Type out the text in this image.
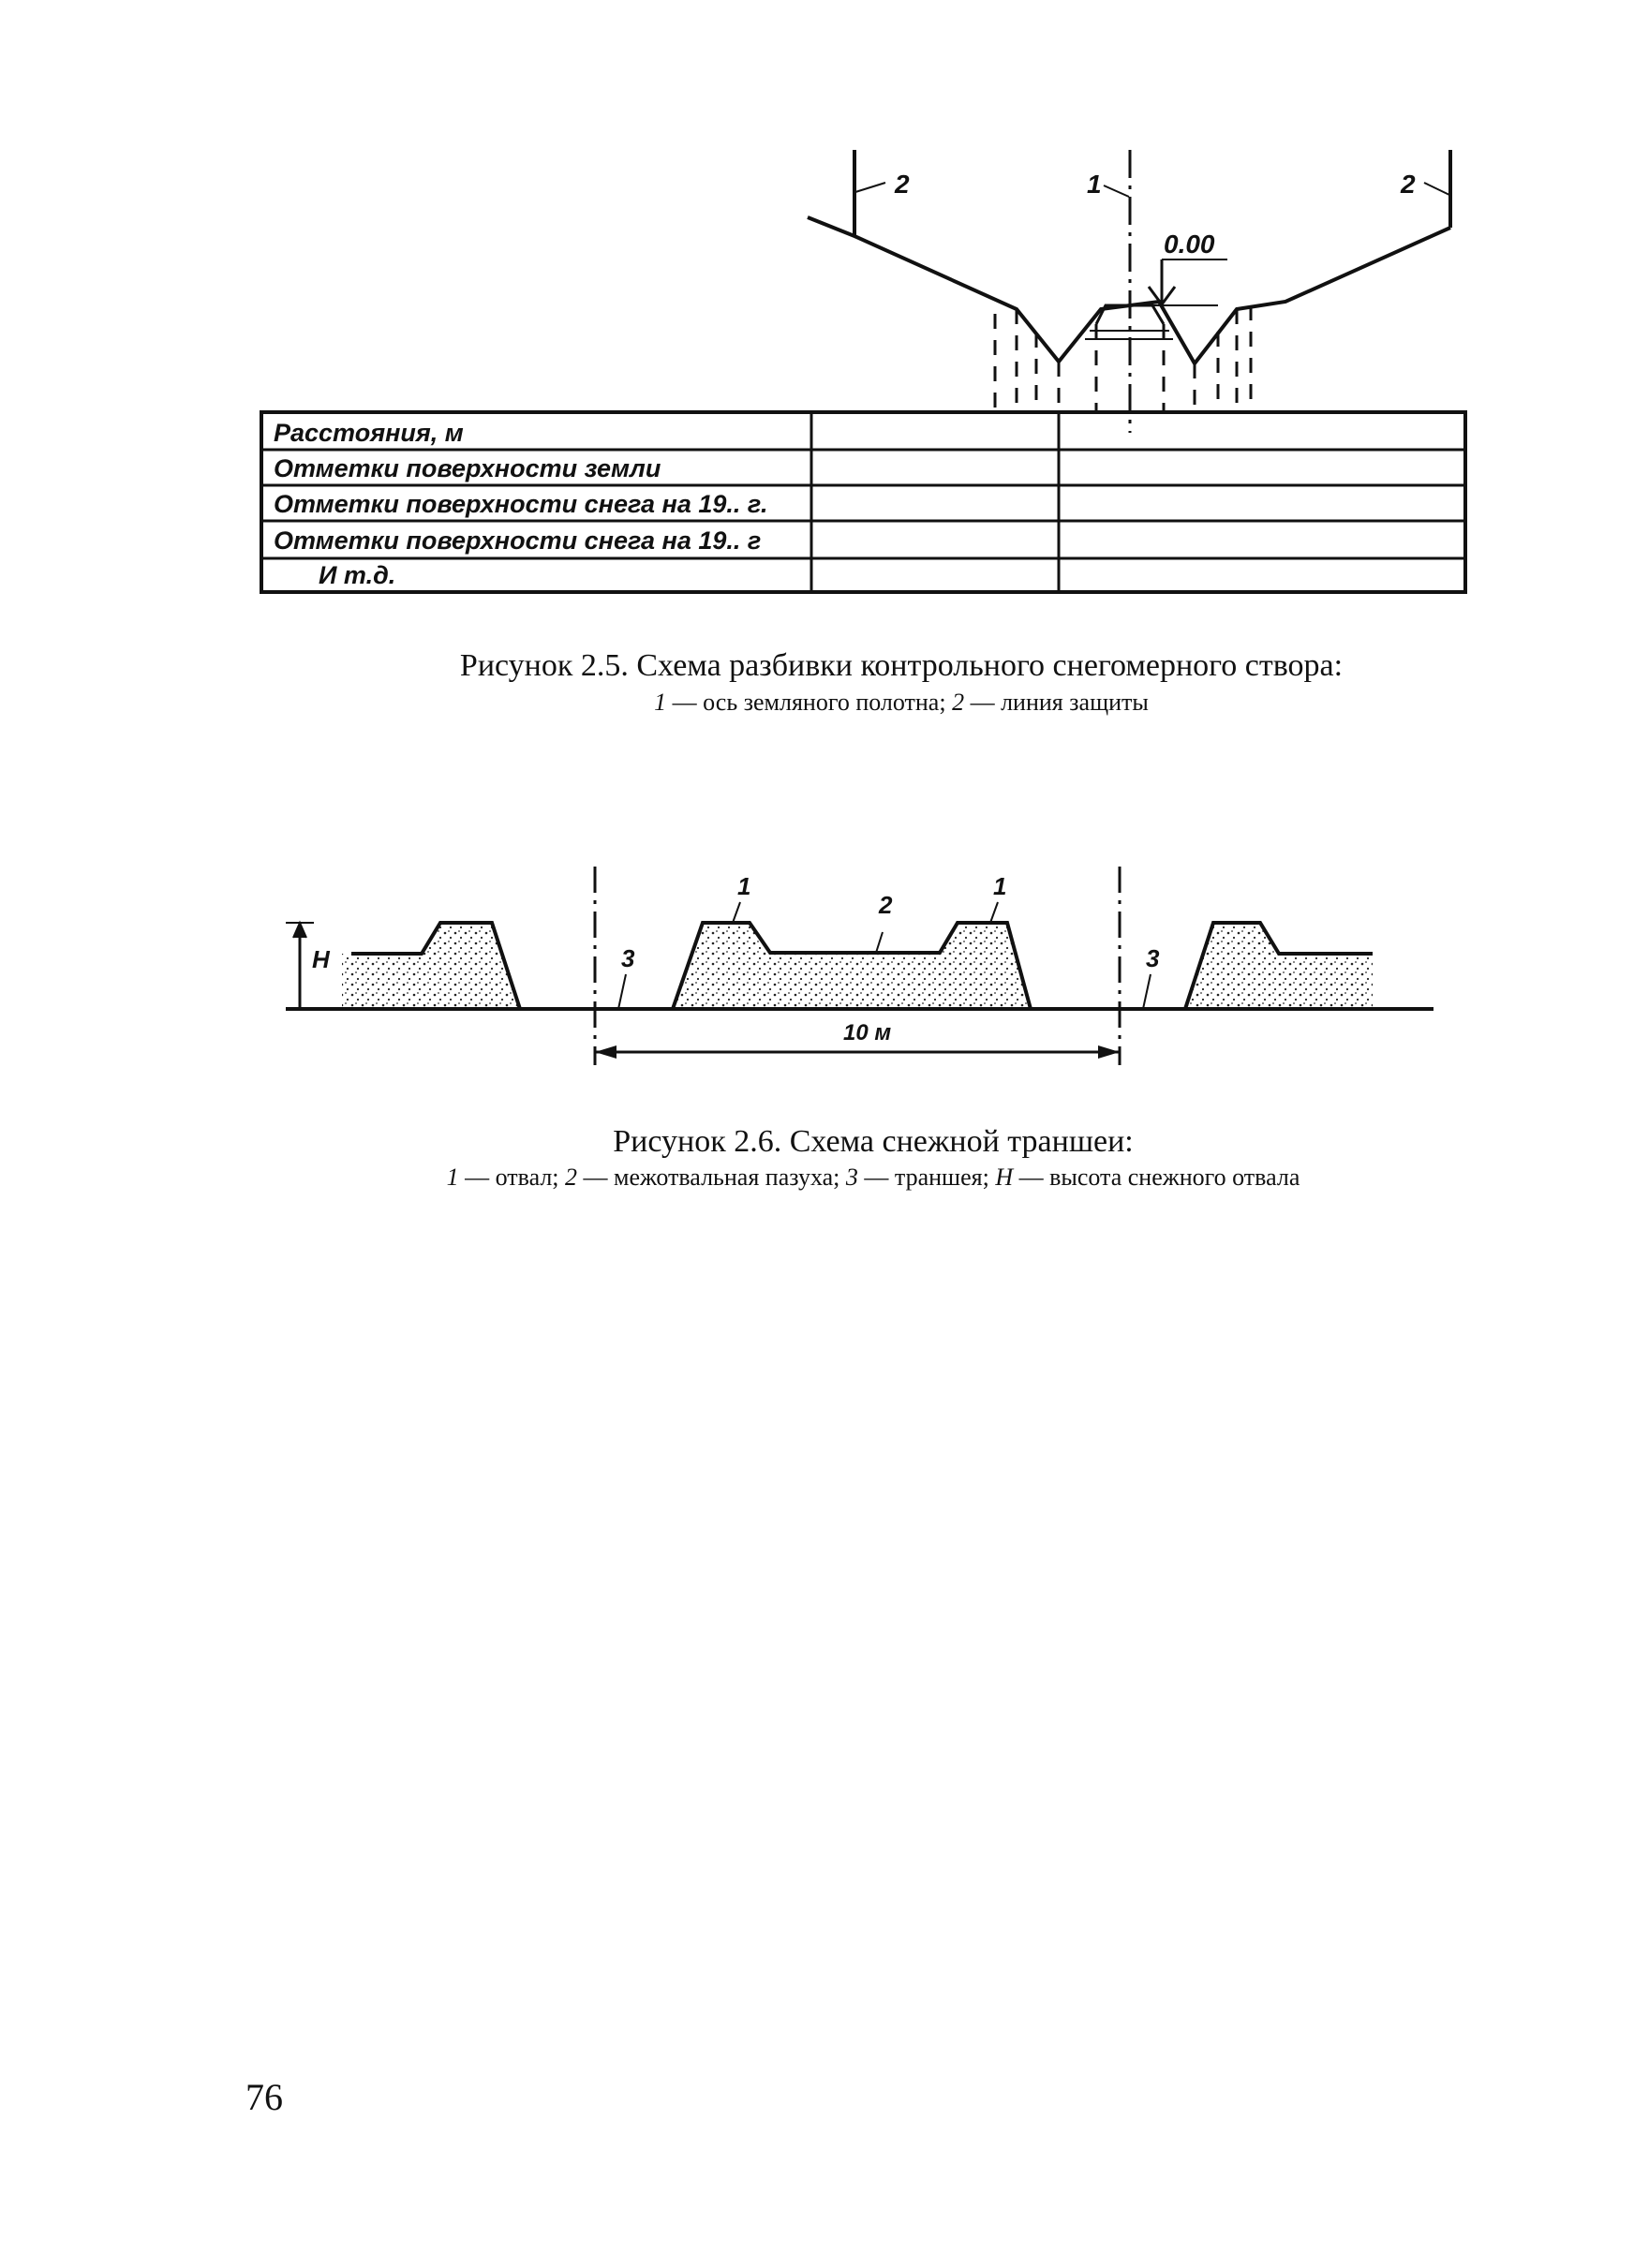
2	2
1
0.00
Расстояния, м
Отметки поверхности земли
Отметки поверхности снега на 19.. г.
Отметки поверхности снега на 19.. г
И т.д.
Рисунок 2.5. Схема разбивки контрольного снегомерного створа:
1 — ось земляного полотна; 2 — линия защиты
H
10 м
1	1
2
3	3
Рисунок 2.6. Схема снежной траншеи:
1 — отвал; 2 — межотвальная пазуха; 3 — траншея; H — высота снежного отвала
76
